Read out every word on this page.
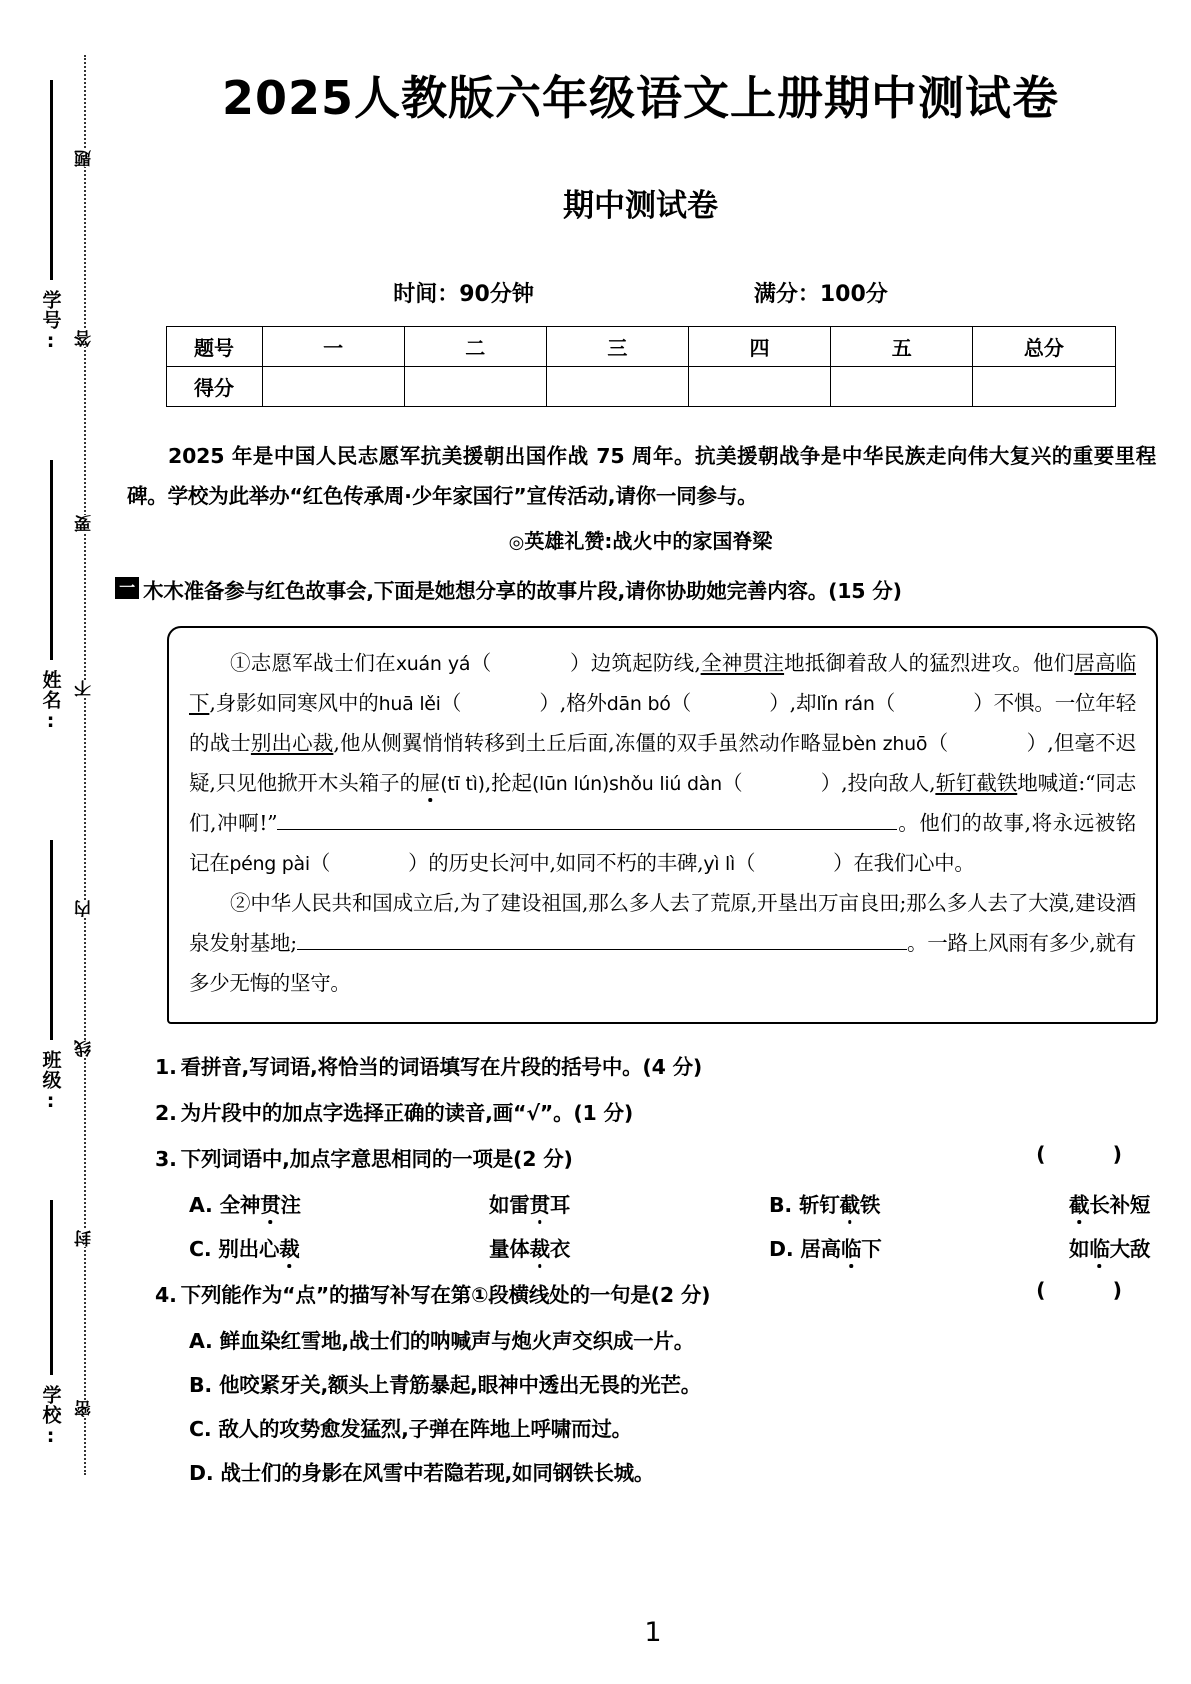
学号:
姓名:
班级:
学校:
题
答
要
不
内
线
封
密
2025人教版六年级语文上册期中测试卷
期中测试卷
时间：90分钟	满分：100分
题号	一	二	三	四	五	总分
得分						
2025 年是中国人民志愿军抗美援朝出国作战 75 周年。抗美援朝战争是中华民族走向伟大复兴的重要里程碑。学校为此举办“红色传承周·少年家国行”宣传活动,请你一同参与。
◎英雄礼赞:战火中的家国脊梁
一 木木准备参与红色故事会,下面是她想分享的故事片段,请你协助她完善内容。(15 分)

①志愿军战士们在xuán yá（	）边筑起防线,全神贯注地抵御着敌人的猛烈进攻。他们居高临下,身影如同寒风中的huā lěi（	）,格外dān bó（	）,却lǐn rán（	）不惧。一位年轻的战士别出心裁,他从侧翼悄悄转移到土丘后面,冻僵的双手虽然动作略显bèn zhuō（	）,但毫不迟疑,只见他掀开木头箱子的屉(tī tì),抡起(lūn lún)shǒu liú dàn（	）,投向敌人,斩钉截铁地喊道:“同志们,冲啊!”	。他们的故事,将永远被铭记在péng pài（	）的历史长河中,如同不朽的丰碑,yì lì（	）在我们心中。

②中华人民共和国成立后,为了建设祖国,那么多人去了荒原,开垦出万亩良田;那么多人去了大漠,建设酒泉发射基地;	。一路上风雨有多少,就有多少无悔的坚守。

1. 看拼音,写词语,将恰当的词语填写在片段的括号中。(4 分)
2. 为片段中的加点字选择正确的读音,画“√”。(1 分)
3. 下列词语中,加点字意思相同的一项是(2 分)	( )
A. 全神贯注	如雷贯耳	B. 斩钉截铁	截长补短
C. 别出心裁	量体裁衣	D. 居高临下	如临大敌
4. 下列能作为“点”的描写补写在第①段横线处的一句是(2 分)	( )
A. 鲜血染红雪地,战士们的呐喊声与炮火声交织成一片。
B. 他咬紧牙关,额头上青筋暴起,眼神中透出无畏的光芒。
C. 敌人的攻势愈发猛烈,子弹在阵地上呼啸而过。
D. 战士们的身影在风雪中若隐若现,如同钢铁长城。
1
